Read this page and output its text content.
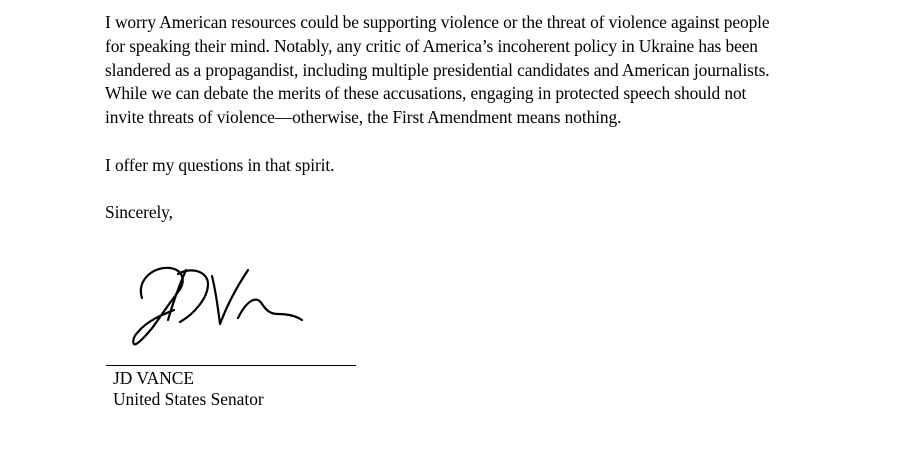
I worry American resources could be supporting violence or the threat of violence against people
for speaking their mind. Notably, any critic of America’s incoherent policy in Ukraine has been
slandered as a propagandist, including multiple presidential candidates and American journalists.
While we can debate the merits of these accusations, engaging in protected speech should not
invite threats of violence—otherwise, the First Amendment means nothing.

I offer my questions in that spirit.

Sincerely,

JD VANCE

United States Senator
